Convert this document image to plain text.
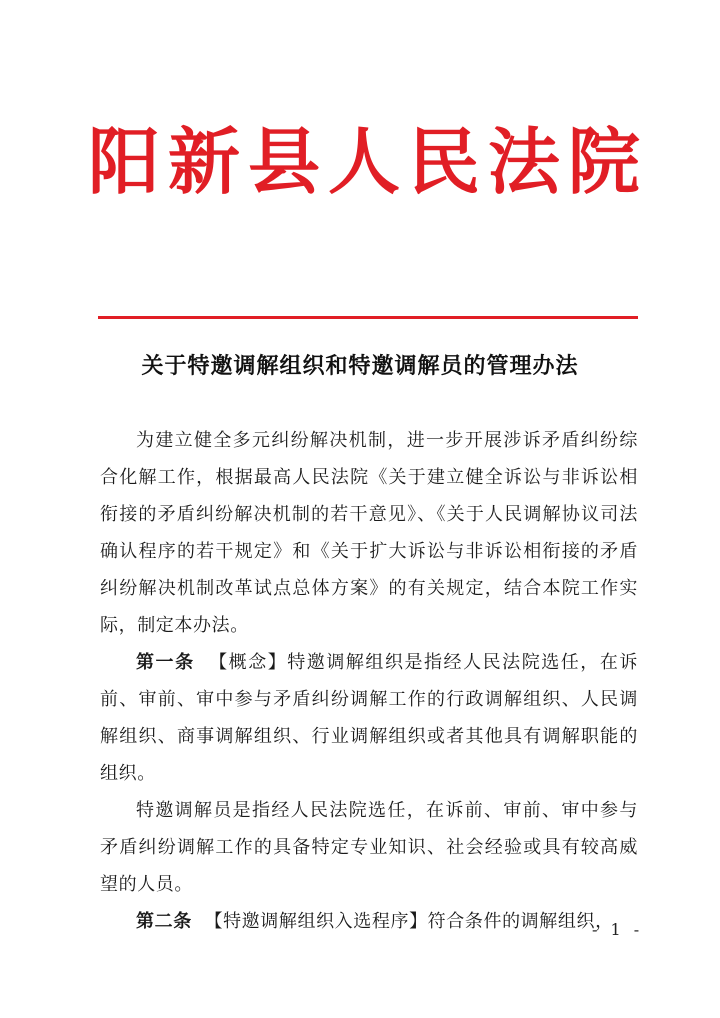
阳 新 县 人 民 法 院
关于特邀调解组织和特邀调解员的管理办法

为建立健全多元纠纷解决机制，进一步开展涉诉矛盾纠纷综合化解工作，根据最高人民法院《关于建立健全诉讼与非诉讼相衔接的矛盾纠纷解决机制的若干意见》、《关于人民调解协议司法确认程序的若干规定》和《关于扩大诉讼与非诉讼相衔接的矛盾纠纷解决机制改革试点总体方案》的有关规定，结合本院工作实际，制定本办法。

第一条 【概念】特邀调解组织是指经人民法院选任，在诉前、审前、审中参与矛盾纠纷调解工作的行政调解组织、人民调解组织、商事调解组织、行业调解组织或者其他具有调解职能的组织。

特邀调解员是指经人民法院选任，在诉前、审前、审中参与矛盾纠纷调解工作的具备特定专业知识、社会经验或具有较高威望的人员。

第二条 【特邀调解组织入选程序】符合条件的调解组织，

- 1 -
